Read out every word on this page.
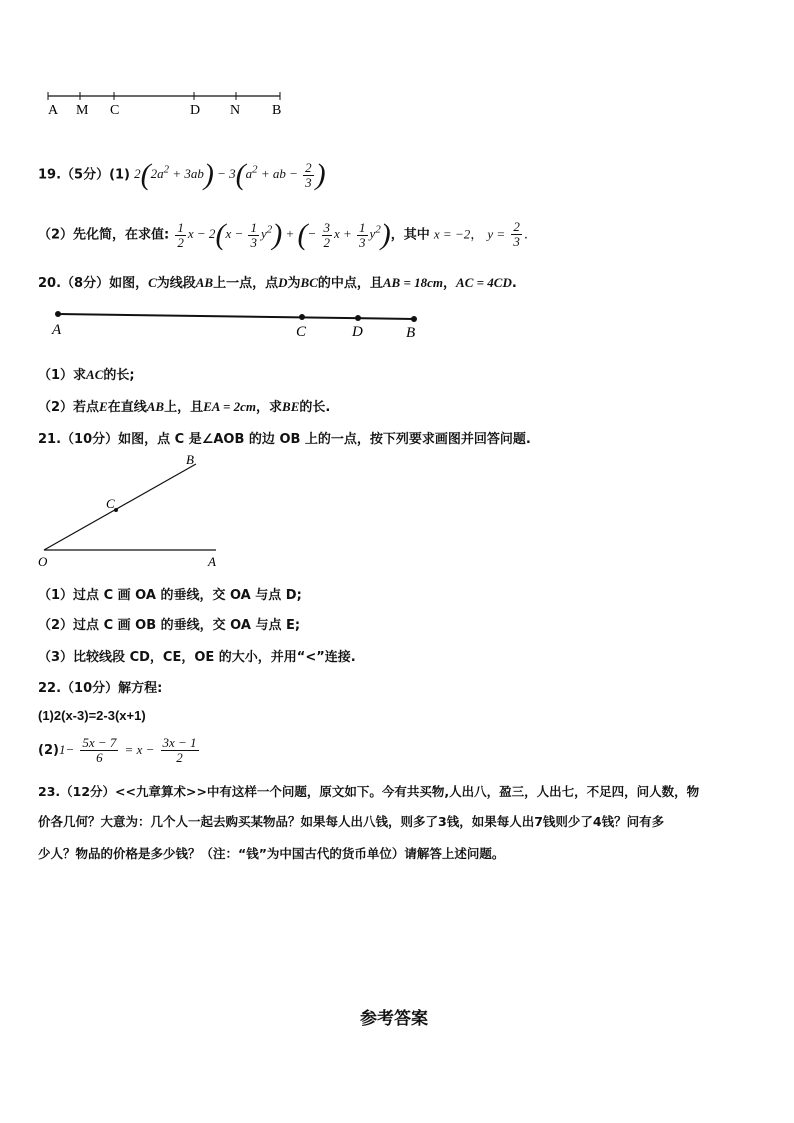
A M C	D N B
19.（5分）(1) $2(2a^2 + 3ab) - 3(a^2$ + ab − $\frac{2}{3}$ )
（2）先化简，在求值: $\frac{1}{2}$ $x - 2(x - \frac{1}{3} y^2)$ + (− $\frac{3}{2}$ $x + \frac{1}{3} y^2$)，其中 x = −2， $y = \frac{2}{3}$ .
20.（8分）如图，C为线段AB上一点，点D为BC的中点，且AB = 18cm，AC = 4CD.
A	C	D	B
（1）求AC的长;
（2）若点E在直线AB上，且EA = 2cm，求BE的长.
21.（10分）如图，点 C 是∠AOB 的边 OB 上的一点，按下列要求画图并回答问题.
B
C
O	A
（1）过点 C 画 OA 的垂线，交 OA 与点 D;
（2）过点 C 画 OB 的垂线，交 OA 与点 E;
（3）比较线段 CD，CE，OE 的大小，并用“<”连接.
22.（10分）解方程:
(1)2(x-3)=2-3(x+1)
$(2)1- \frac{5x - 7}{6} = x - \frac{3x - 1}{2}$
23.（12分）<<九章算术>>中有这样一个问题，原文如下。今有共买物,人出八，盈三，人出七，不足四，问人数，物
价各几何？大意为：几个人一起去购买某物品？如果每人出八钱，则多了3钱，如果每人出7钱则少了4钱？问有多
少人？物品的价格是多少钱？（注：“钱”为中国古代的货币单位）请解答上述问题。
参考答案
